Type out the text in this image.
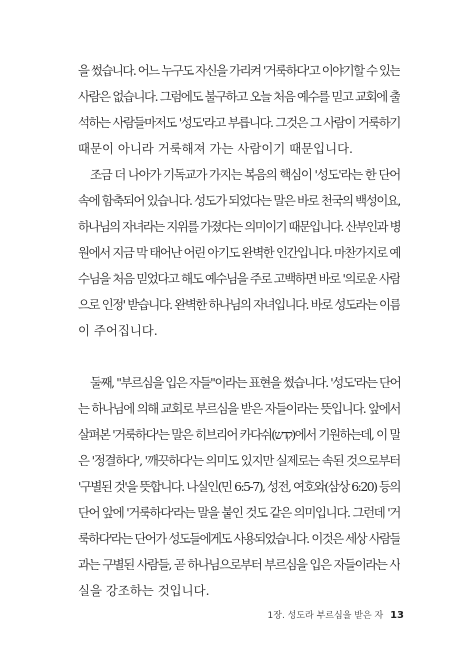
을 썼습니다. 어느 누구도 자신을 가리켜 '거룩하다'고 이야기할 수 있는
사람은 없습니다. 그럼에도 불구하고 오늘 처음 예수를 믿고 교회에 출
석하는 사람들마저도 '성도'라고 부릅니다. 그것은 그 사람이 거룩하기
때문이 아니라 거룩해져 가는 사람이기 때문입니다.
조금 더 나아가 기독교가 가지는 복음의 핵심이 '성도'라는 한 단어
속에 함축되어 있습니다. 성도가 되었다는 말은 바로 천국의 백성이요,
하나님의 자녀라는 지위를 가졌다는 의미이기 때문입니다. 산부인과 병
원에서 지금 막 태어난 어린 아기도 완벽한 인간입니다. 마찬가지로 예
수님을 처음 믿었다고 해도 예수님을 주로 고백하면 바로 '의로운 사람
으로 인정' 받습니다. 완벽한 하나님의 자녀입니다. 바로 성도라는 이름
이 주어집니다.
둘째, "부르심을 입은 자들"이라는 표현을 썼습니다. '성도'라는 단어
는 하나님에 의해 교회로 부르심을 받은 자들이라는 뜻입니다. 앞에서
살펴본 '거룩하다'는 말은 히브리어 카다쉬(קדש)에서 기원하는데, 이 말
은 '정결하다', '깨끗하다'는 의미도 있지만 실제로는 속된 것으로부터
'구별된 것'을 뜻합니다. 나실인(민 6:5-7), 성전, 여호와(삼상 6:20) 등의
단어 앞에 '거룩하다'라는 말을 붙인 것도 같은 의미입니다. 그런데 '거
룩하다'라는 단어가 성도들에게도 사용되었습니다. 이것은 세상 사람들
과는 구별된 사람들, 곧 하나님으로부터 부르심을 입은 자들이라는 사
실을 강조하는 것입니다.
1장. 성도라 부르심을 받은 자 13
